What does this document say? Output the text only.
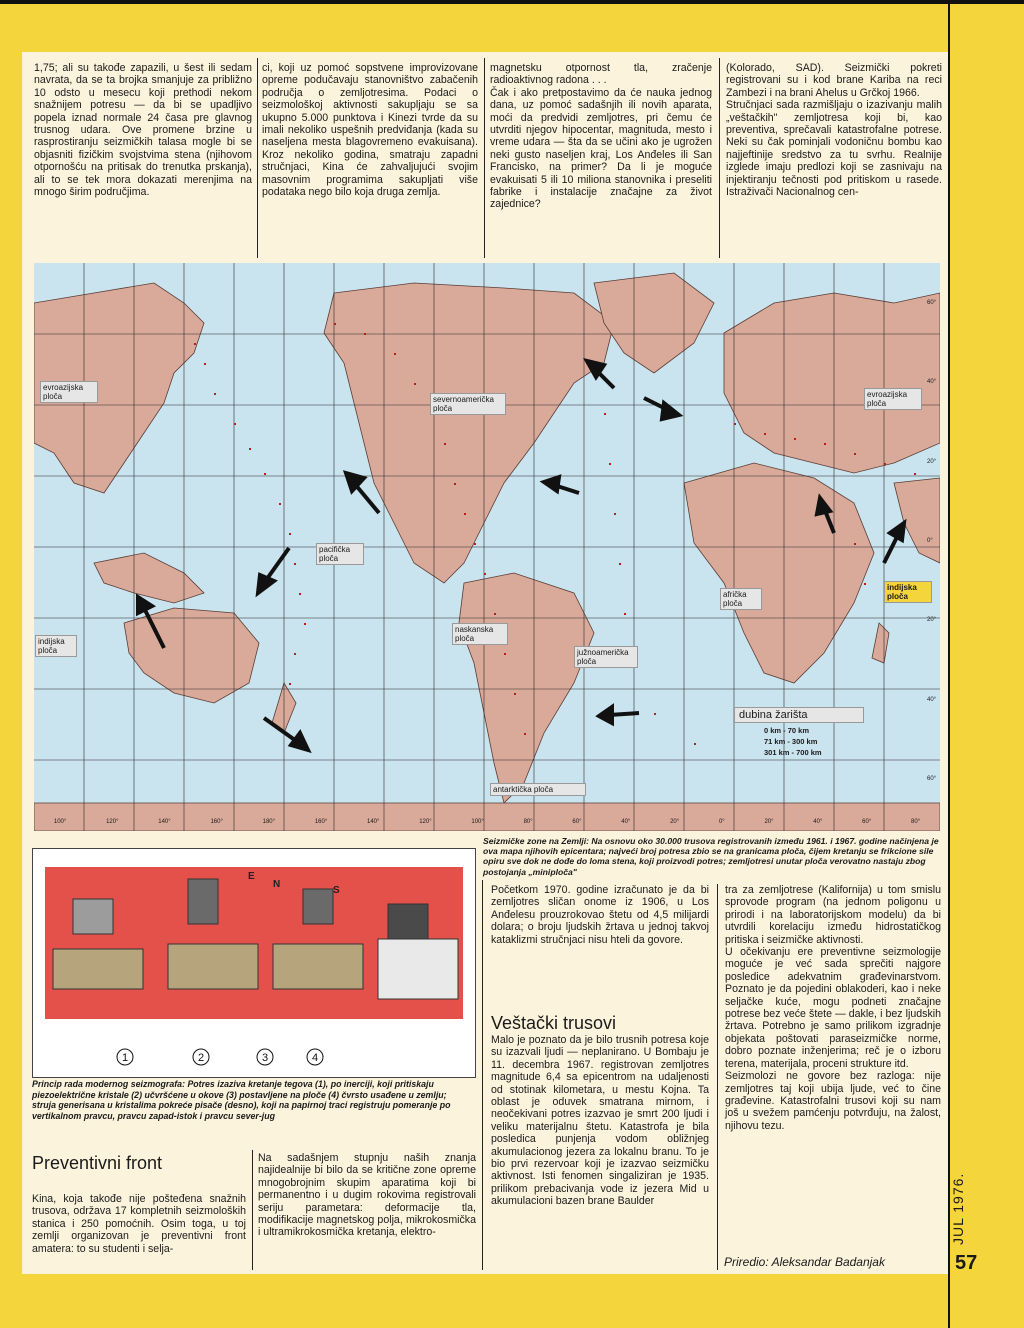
1,75; ali su takođe zapazili, u šest ili sedam navrata, da se ta brojka smanjuje za približno 10 odsto u mesecu koji prethodi nekom snažnijem potresu — da bi se upadljivo popela iznad normale 24 časa pre glavnog trusnog udara. Ove promene brzine u rasprostiranju seizmičkih talasa mogle bi se objasniti fizičkim svojstvima stena (njihovom otpornošću na pritisak do trenutka prskanja), ali to se tek mora dokazati merenjima na mnogo širim područjima.
ci, koji uz pomoć sopstvene improvizovane opreme podučavaju stanovništvo zabačenih područja o zemljotresima. Podaci o seizmološkoj aktivnosti sakupljaju se sa ukupno 5.000 punktova i Kinezi tvrde da su imali nekoliko uspešnih predviđanja (kada su naseljena mesta blagovremeno evakuisana). Kroz nekoliko godina, smatraju zapadni stručnjaci, Kina će zahvaljujući svojim masovnim programima sakupljati više podataka nego bilo koja druga zemlja.
magnetsku otpornost tla, zračenje radioaktivnog radona . . .
Čak i ako pretpostavimo da će nauka jednog dana, uz pomoć sadašnjih ili novih aparata, moći da predvidi zemljotres, pri čemu će utvrditi njegov hipocentar, magnituda, mesto i vreme udara — šta da se učini ako je ugrožen neki gusto naseljen kraj, Los Anđeles ili San Francisko, na primer? Da li je moguće evakuisati 5 ili 10 miliona stanovnika i preseliti fabrike i instalacije značajne za život zajednice?
(Kolorado, SAD). Seizmički pokreti registrovani su i kod brane Kariba na reci Zambezi i na brani Ahelus u Grčkoj 1966.
Stručnjaci sada razmišljaju o izazivanju malih „veštačkih" zemljotresa koji bi, kao preventiva, sprečavali katastrofalne potrese. Neki su čak pominjali vodoničnu bombu kao najjeftinije sredstvo za tu svrhu. Realnije izglede imaju predlozi koji se zasnivaju na injektiranju tečnosti pod pritiskom u rasede. Istraživači Nacionalnog cen-
evroazijska ploča	severnoamerička ploča
evroazijska ploča
pacifička ploča
afrička ploča
indijska ploča
indijska ploča
naskanska ploča
južnoamerička ploča
antarktička ploča
dubina žarišta
0 km - 70 km
71 km - 300 km
301 km - 700 km
100°	120°	140°	160°	180°	160°	140°	120°	100°	80°	60°	40°	20°	0°	20°	40°	60°	80°
60°
40°
20°
0°
20°
40°
60°
Seizmičke zone na Zemlji: Na osnovu oko 30.000 trusova registrovanih između 1961. i 1967. godine načinjena je ova mapa njihovih epicentara; najveći broj potresa zbio se na granicama ploča, čijem kretanju se frikcione sile opiru sve dok ne dođe do loma stena, koji proizvodi potres; zemljotresi unutar ploča verovatno nastaju zbog postojanja „miniploča"
E
N
S
1	2	3	4
Princip rada modernog seizmografa: Potres izaziva kretanje tegova (1), po inerciji, koji pritiskaju piezoelektrične kristale (2) učvršćene u okove (3) postavljene na ploče (4) čvrsto usađene u zemlju; struja generisana u kristalima pokreće pisače (desno), koji na papirnoj traci registruju pomeranje po vertikalnom pravcu, pravcu zapad-istok i pravcu sever-jug
Preventivni front
Kina, koja takođe nije pošteđena snažnih trusova, održava 17 kompletnih seizmoloških stanica i 250 pomoćnih. Osim toga, u toj zemlji organizovan je preventivni front amatera: to su studenti i selja-
Na sadašnjem stupnju naših znanja najidealnije bi bilo da se kritične zone opreme mnogobrojnim skupim aparatima koji bi permanentno i u dugim rokovima registrovali seriju parametara: deformacije tla, modifikacije magnetskog polja, mikrokosmička i ultramikrokosmička kretanja, elektro-
Početkom 1970. godine izračunato je da bi zemljotres sličan onome iz 1906, u Los Anđelesu prouzrokovao štetu od 4,5 milijardi dolara; o broju ljudskih žrtava u jednoj takvoj kataklizmi stručnjaci nisu hteli da govore.
Veštački trusovi
Malo je poznato da je bilo trusnih potresa koje su izazvali ljudi — neplanirano. U Bombaju je 11. decembra 1967. registrovan zemljotres magnitude 6,4 sa epicentrom na udaljenosti od stotinak kilometara, u mestu Kojna. Ta oblast je oduvek smatrana mirnom, i neočekivani potres izazvao je smrt 200 ljudi i veliku materijalnu štetu. Katastrofa je bila posledica punjenja vodom obližnjeg akumulacionog jezera za lokalnu branu. To je bio prvi rezervoar koji je izazvao seizmičku aktivnost. Isti fenomen singaliziran je 1935. prilikom prebacivanja vode iz jezera Mid u akumulacioni bazen brane Baulder
tra za zemljotrese (Kalifornija) u tom smislu sprovode program (na jednom poligonu u prirodi i na laboratorijskom modelu) da bi utvrdili korelaciju između hidrostatičkog pritiska i seizmičke aktivnosti.
U očekivanju ere preventivne seizmologije moguće je već sada sprečiti najgore posledice adekvatnim građevinarstvom. Poznato je da pojedini oblakoderi, kao i neke seljačke kuće, mogu podneti značajne potrese bez veće štete — dakle, i bez ljudskih žrtava. Potrebno je samo prilikom izgradnje objekata poštovati paraseizmičke norme, dobro poznate inženjerima; reč je o izboru terena, materijala, proceni strukture itd.
Seizmolozi ne govore bez razloga: nije zemljotres taj koji ubija ljude, već to čine građevine. Katastrofalni trusovi koji su nam još u svežem pamćenju potvrđuju, na žalost, njihovu tezu.
Priredio: Aleksandar Badanjak
JUL 1976.
57
